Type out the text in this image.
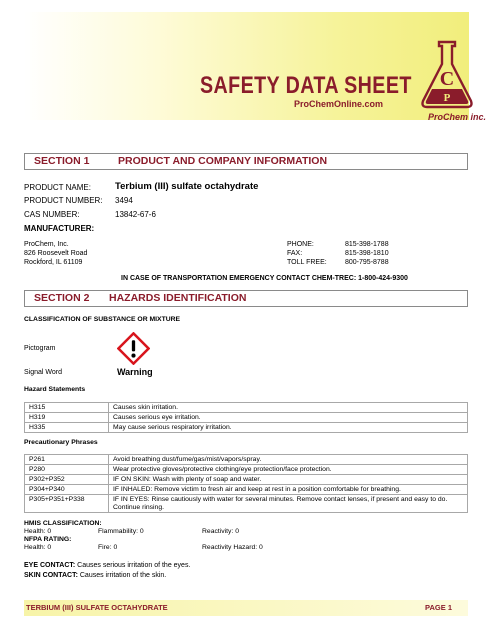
SAFETY DATA SHEET
ProChemOnline.com
C
P
ProChem inc.
SECTION 1	PRODUCT AND COMPANY INFORMATION
PRODUCT NAME:	Terbium (III) sulfate octahydrate
PRODUCT NUMBER: 3494
CAS NUMBER:	13842-67-6
MANUFACTURER:
ProChem, Inc.
826 Roosevelt Road
Rockford, IL 61109
PHONE:	815-398-1788
FAX:	815-398-1810
TOLL FREE:	800-795-8788
IN CASE OF TRANSPORTATION EMERGENCY CONTACT CHEM-TREC: 1-800-424-9300
SECTION 2 HAZARDS IDENTIFICATION
CLASSIFICATION OF SUBSTANCE OR MIXTURE
Pictogram
Signal Word	Warning
Hazard Statements
H315	Causes skin irritation.
H319	Causes serious eye irritation.
H335	May cause serious respiratory irritation.
Precautionary Phrases
P261	Avoid breathing dust/fume/gas/mist/vapors/spray.
P280	Wear protective gloves/protective clothing/eye protection/face protection.
P302+P352	IF ON SKIN: Wash with plenty of soap and water.
P304+P340	IF INHALED: Remove victim to fresh air and keep at rest in a position comfortable for breathing.
P305+P351+P338	IF IN EYES: Rinse cautiously with water for several minutes. Remove contact lenses, if present and easy to do. Continue rinsing.
HMIS CLASSIFICATION:
Health: 0	Flammability: 0	Reactivity: 0
NFPA RATING:
Health: 0	Fire: 0	Reactivity Hazard: 0
EYE CONTACT: Causes serious irritation of the eyes.
SKIN CONTACT: Causes irritation of the skin.
TERBIUM (III) SULFATE OCTAHYDRATE	PAGE 1
